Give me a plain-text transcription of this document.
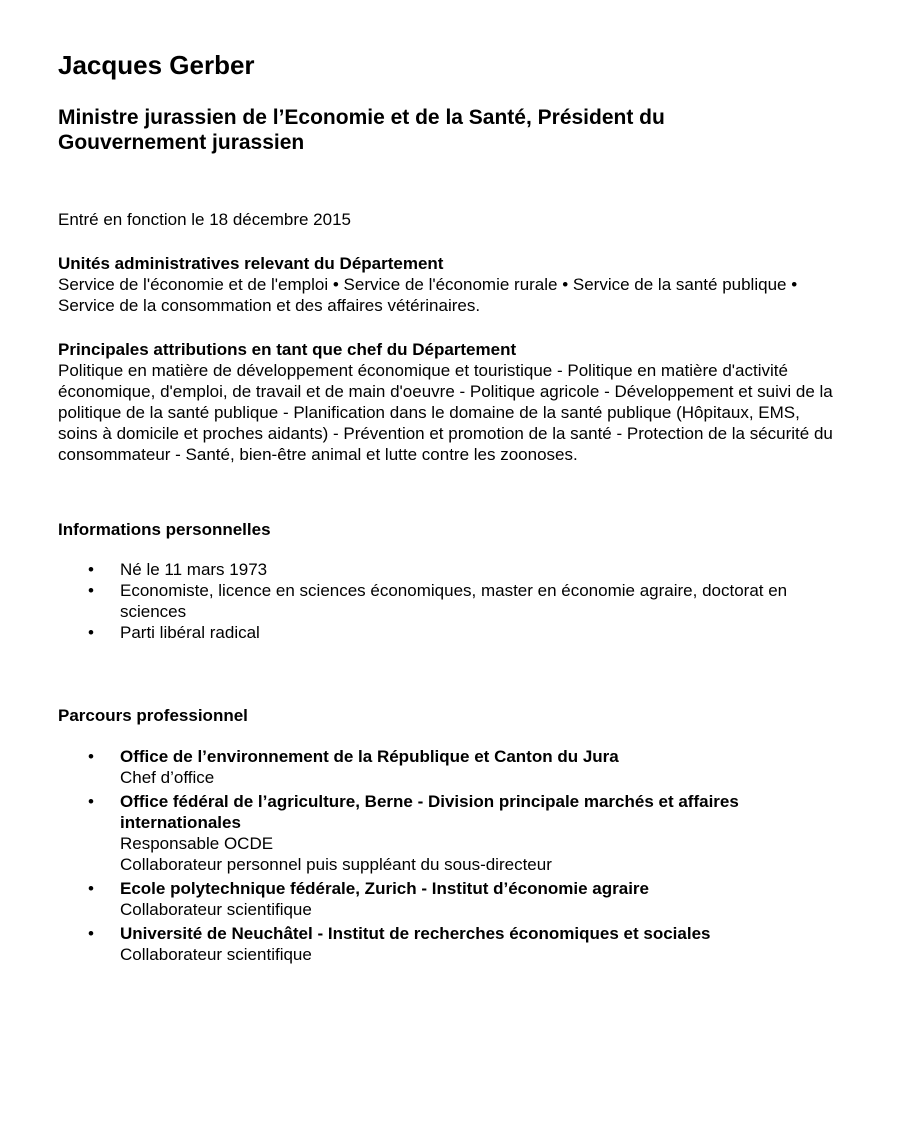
Jacques Gerber
Ministre jurassien de l’Economie et de la Santé, Président du Gouvernement jurassien
Entré en fonction le 18 décembre 2015
Unités administratives relevant du Département
Service de l'économie et de l'emploi • Service de l'économie rurale • Service de la santé publique • Service de la consommation et des affaires vétérinaires.
Principales attributions en tant que chef du Département
Politique en matière de développement économique et touristique - Politique en matière d'activité économique, d'emploi, de travail et de main d'oeuvre - Politique agricole - Développement et suivi de la politique de la santé publique - Planification dans le domaine de la santé publique (Hôpitaux, EMS, soins à domicile et proches aidants) - Prévention et promotion de la santé - Protection de la sécurité du consommateur - Santé, bien-être animal et lutte contre les zoonoses.
Informations personnelles
• Né le 11 mars 1973
• Economiste, licence en sciences économiques, master en économie agraire, doctorat en sciences
• Parti libéral radical
Parcours professionnel
• Office de l’environnement de la République et Canton du Jura
Chef d’office
• Office fédéral de l’agriculture, Berne - Division principale marchés et affaires internationales
Responsable OCDE
Collaborateur personnel puis suppléant du sous-directeur
• Ecole polytechnique fédérale, Zurich - Institut d’économie agraire
Collaborateur scientifique
• Université de Neuchâtel - Institut de recherches économiques et sociales
Collaborateur scientifique
